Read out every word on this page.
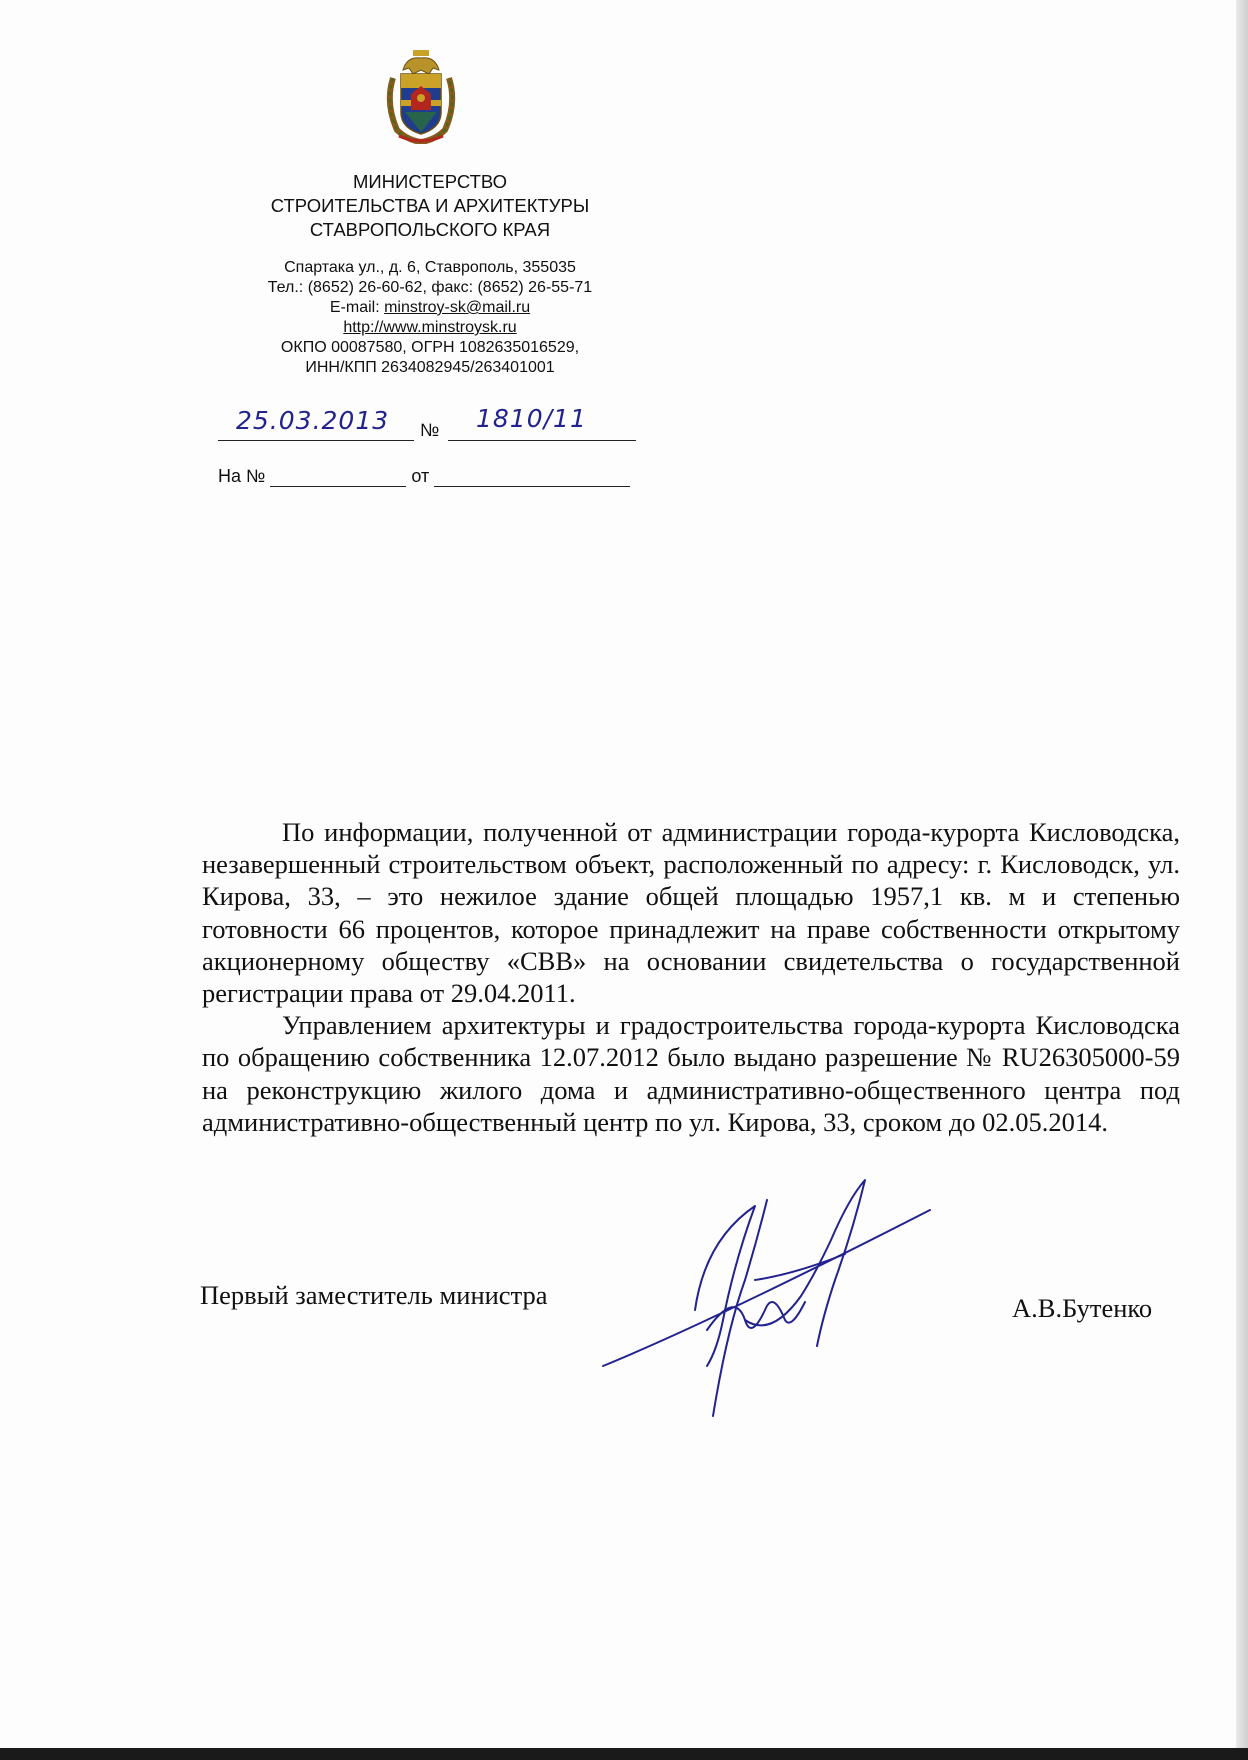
МИНИСТЕРСТВО
СТРОИТЕЛЬСТВА И АРХИТЕКТУРЫ
СТАВРОПОЛЬСКОГО КРАЯ
Спартака ул., д. 6, Ставрополь, 355035
Тел.: (8652) 26-60-62, факс: (8652) 26-55-71
E-mail: minstroy-sk@mail.ru
http://www.minstroysk.ru
ОКПО 00087580, ОГРН 1082635016529,
ИНН/КПП 2634082945/263401001
25.03.2013 № 1810/11
На №	от

По информации, полученной от администрации города-курорта Кисловодска, незавершенный строительством объект, расположенный по адресу: г. Кисловодск, ул. Кирова, 33, – это нежилое здание общей площадью 1957,1 кв. м и степенью готовности 66 процентов, которое принадлежит на праве собственности открытому акционерному обществу «СВВ» на основании свидетельства о государственной регистрации права от 29.04.2011.

Управлением архитектуры и градостроительства города-курорта Кисловодска по обращению собственника 12.07.2012 было выдано разрешение № RU26305000-59 на реконструкцию жилого дома и административно-общественного центра под административно-общественный центр по ул. Кирова, 33, сроком до 02.05.2014.

Первый заместитель министра	А.В.Бутенко
